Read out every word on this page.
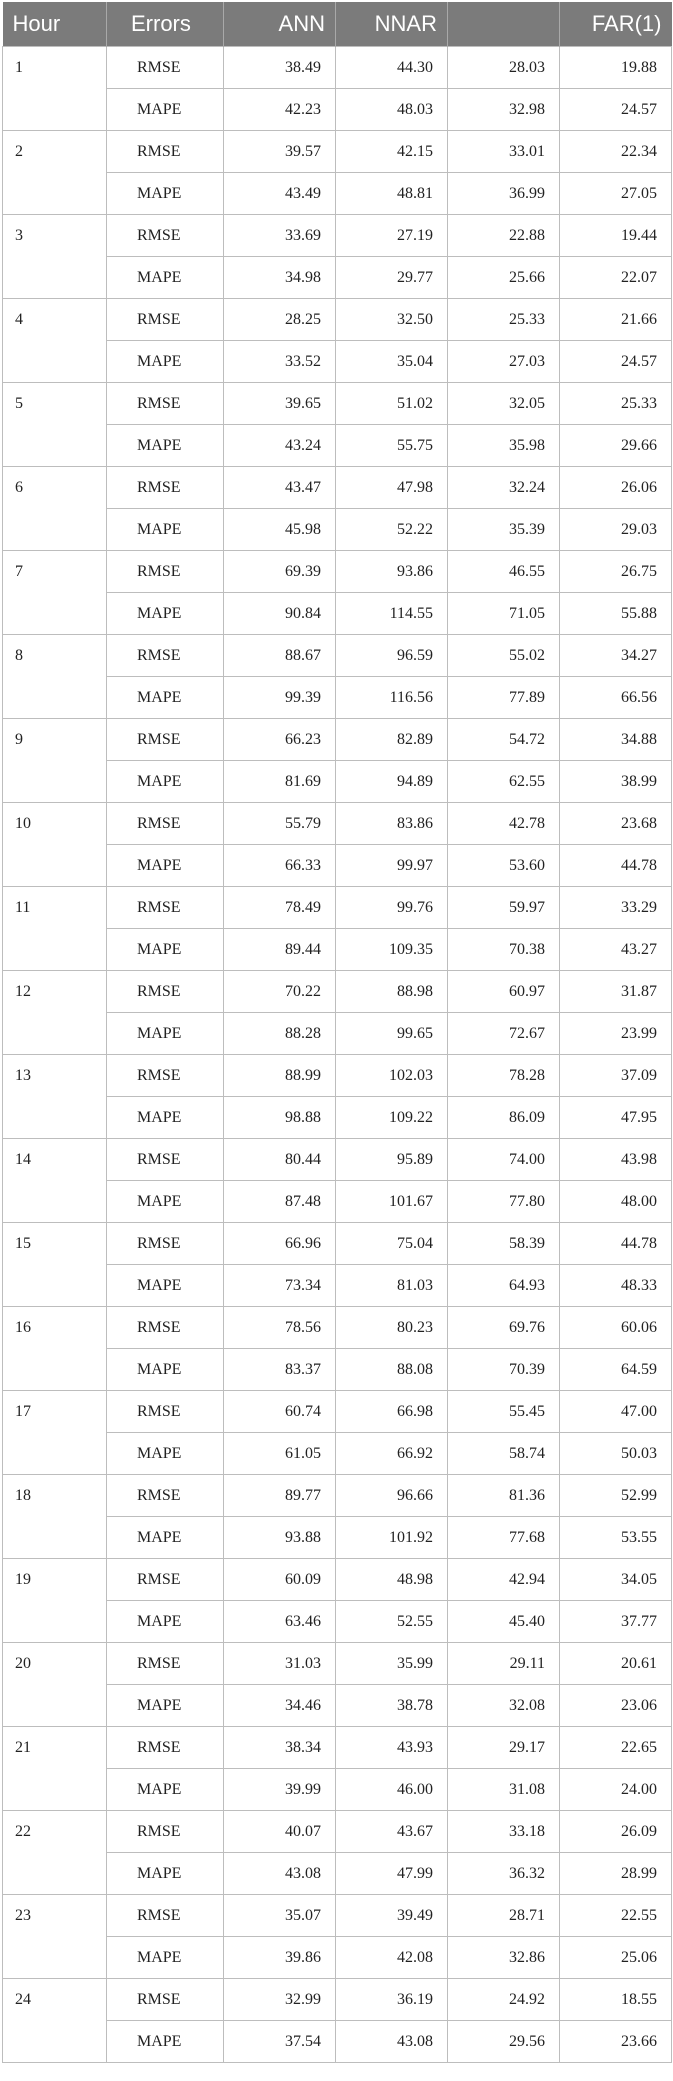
Hour	Errors	ANN	NNAR		FAR(1)
1	RMSE	38.49	44.30	28.03	19.88
	MAPE	42.23	48.03	32.98	24.57
2	RMSE	39.57	42.15	33.01	22.34
	MAPE	43.49	48.81	36.99	27.05
3	RMSE	33.69	27.19	22.88	19.44
	MAPE	34.98	29.77	25.66	22.07
4	RMSE	28.25	32.50	25.33	21.66
	MAPE	33.52	35.04	27.03	24.57
5	RMSE	39.65	51.02	32.05	25.33
	MAPE	43.24	55.75	35.98	29.66
6	RMSE	43.47	47.98	32.24	26.06
	MAPE	45.98	52.22	35.39	29.03
7	RMSE	69.39	93.86	46.55	26.75
	MAPE	90.84	114.55	71.05	55.88
8	RMSE	88.67	96.59	55.02	34.27
	MAPE	99.39	116.56	77.89	66.56
9	RMSE	66.23	82.89	54.72	34.88
	MAPE	81.69	94.89	62.55	38.99
10	RMSE	55.79	83.86	42.78	23.68
	MAPE	66.33	99.97	53.60	44.78
11	RMSE	78.49	99.76	59.97	33.29
	MAPE	89.44	109.35	70.38	43.27
12	RMSE	70.22	88.98	60.97	31.87
	MAPE	88.28	99.65	72.67	23.99
13	RMSE	88.99	102.03	78.28	37.09
	MAPE	98.88	109.22	86.09	47.95
14	RMSE	80.44	95.89	74.00	43.98
	MAPE	87.48	101.67	77.80	48.00
15	RMSE	66.96	75.04	58.39	44.78
	MAPE	73.34	81.03	64.93	48.33
16	RMSE	78.56	80.23	69.76	60.06
	MAPE	83.37	88.08	70.39	64.59
17	RMSE	60.74	66.98	55.45	47.00
	MAPE	61.05	66.92	58.74	50.03
18	RMSE	89.77	96.66	81.36	52.99
	MAPE	93.88	101.92	77.68	53.55
19	RMSE	60.09	48.98	42.94	34.05
	MAPE	63.46	52.55	45.40	37.77
20	RMSE	31.03	35.99	29.11	20.61
	MAPE	34.46	38.78	32.08	23.06
21	RMSE	38.34	43.93	29.17	22.65
	MAPE	39.99	46.00	31.08	24.00
22	RMSE	40.07	43.67	33.18	26.09
	MAPE	43.08	47.99	36.32	28.99
23	RMSE	35.07	39.49	28.71	22.55
	MAPE	39.86	42.08	32.86	25.06
24	RMSE	32.99	36.19	24.92	18.55
	MAPE	37.54	43.08	29.56	23.66
